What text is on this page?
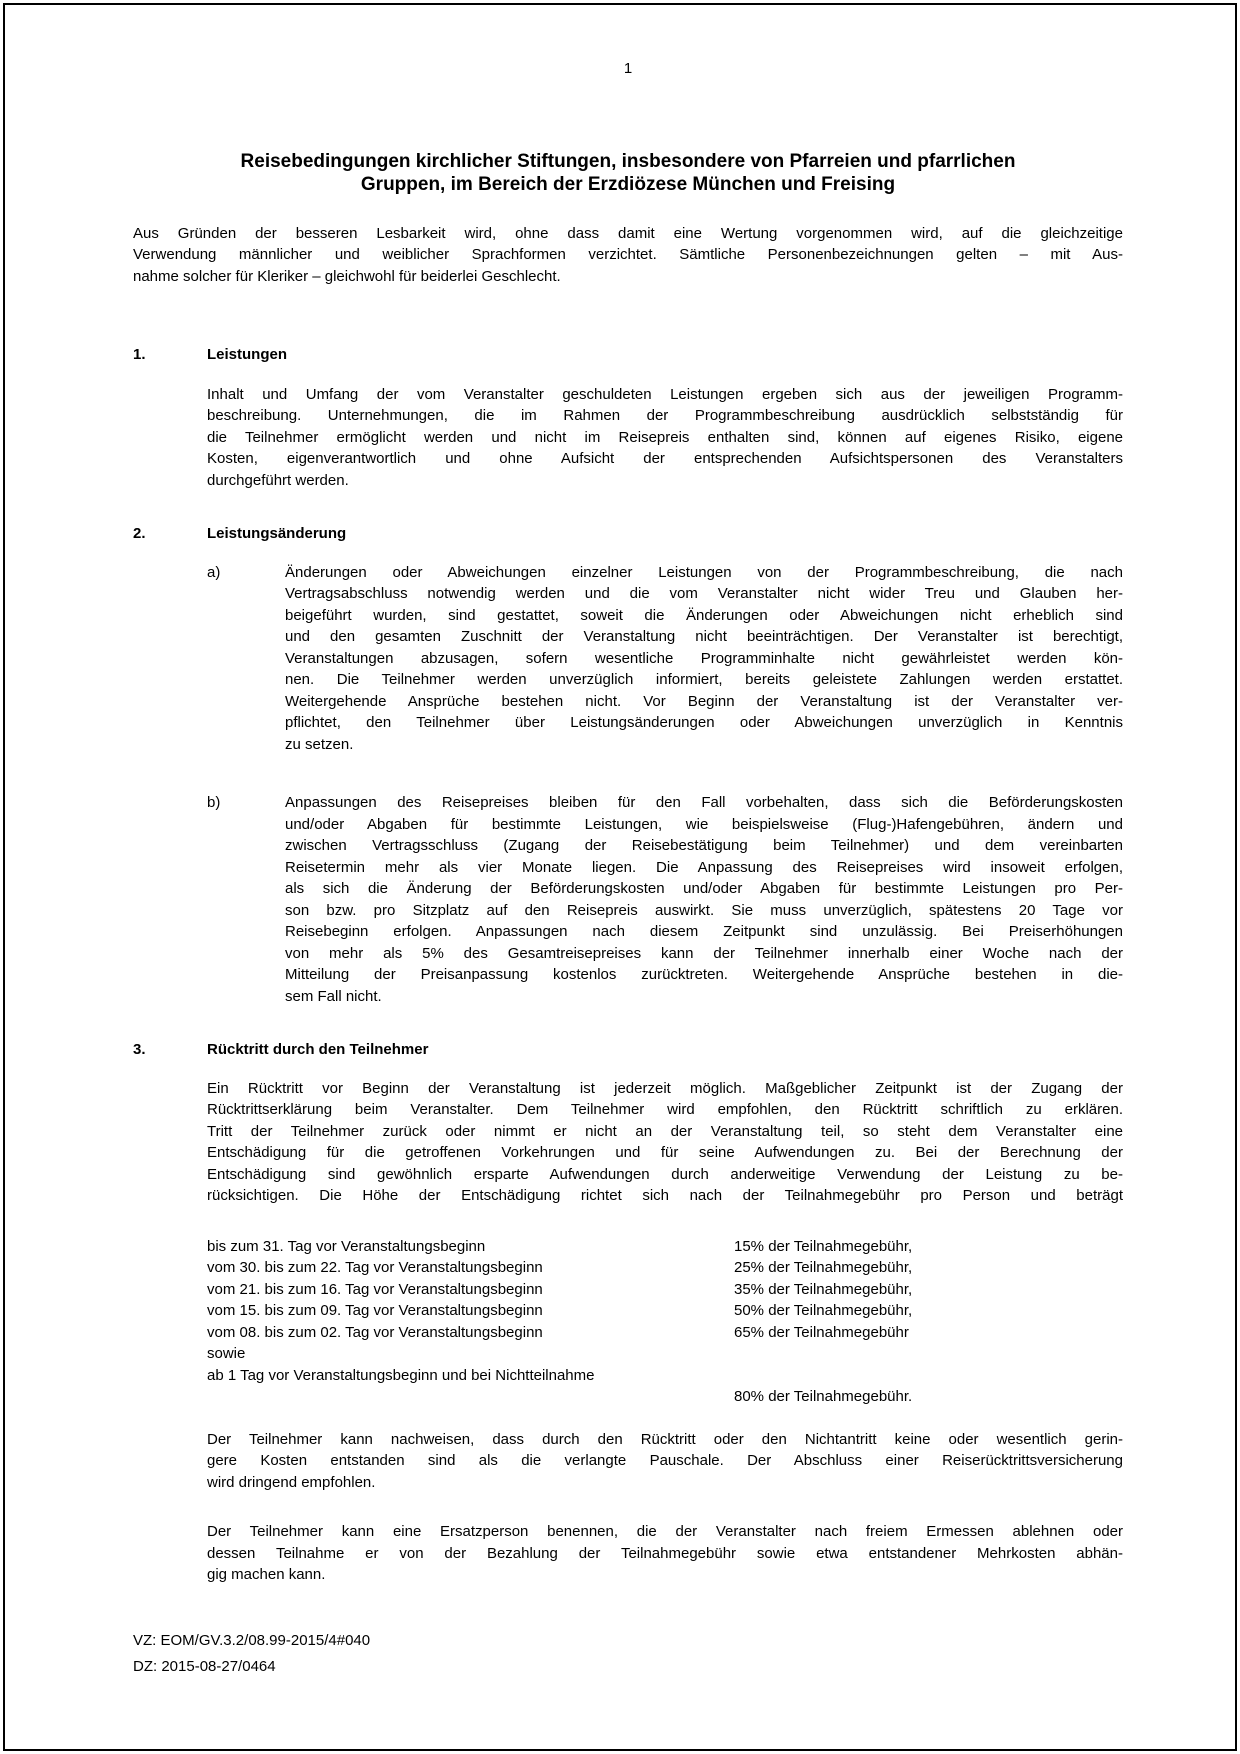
1
Reisebedingungen kirchlicher Stiftungen, insbesondere von Pfarreien und pfarrlichen
Gruppen, im Bereich der Erzdiözese München und Freising
Aus Gründen der besseren Lesbarkeit wird, ohne dass damit eine Wertung vorgenommen wird, auf die gleichzeitige
Verwendung männlicher und weiblicher Sprachformen verzichtet. Sämtliche Personenbezeichnungen gelten – mit Aus-
nahme solcher für Kleriker – gleichwohl für beiderlei Geschlecht.
1.	Leistungen
Inhalt und Umfang der vom Veranstalter geschuldeten Leistungen ergeben sich aus der jeweiligen Programm-
beschreibung. Unternehmungen, die im Rahmen der Programmbeschreibung ausdrücklich selbstständig für
die Teilnehmer ermöglicht werden und nicht im Reisepreis enthalten sind, können auf eigenes Risiko, eigene
Kosten, eigenverantwortlich und ohne Aufsicht der entsprechenden Aufsichtspersonen des Veranstalters
durchgeführt werden.
2.	Leistungsänderung
a)	Änderungen oder Abweichungen einzelner Leistungen von der Programmbeschreibung, die nach
Vertragsabschluss notwendig werden und die vom Veranstalter nicht wider Treu und Glauben her-
beigeführt wurden, sind gestattet, soweit die Änderungen oder Abweichungen nicht erheblich sind
und den gesamten Zuschnitt der Veranstaltung nicht beeinträchtigen. Der Veranstalter ist berechtigt,
Veranstaltungen abzusagen, sofern wesentliche Programminhalte nicht gewährleistet werden kön-
nen. Die Teilnehmer werden unverzüglich informiert, bereits geleistete Zahlungen werden erstattet.
Weitergehende Ansprüche bestehen nicht. Vor Beginn der Veranstaltung ist der Veranstalter ver-
pflichtet, den Teilnehmer über Leistungsänderungen oder Abweichungen unverzüglich in Kenntnis
zu setzen.
b)	Anpassungen des Reisepreises bleiben für den Fall vorbehalten, dass sich die Beförderungskosten
und/oder Abgaben für bestimmte Leistungen, wie beispielsweise (Flug-)Hafengebühren, ändern und
zwischen Vertragsschluss (Zugang der Reisebestätigung beim Teilnehmer) und dem vereinbarten
Reisetermin mehr als vier Monate liegen. Die Anpassung des Reisepreises wird insoweit erfolgen,
als sich die Änderung der Beförderungskosten und/oder Abgaben für bestimmte Leistungen pro Per-
son bzw. pro Sitzplatz auf den Reisepreis auswirkt. Sie muss unverzüglich, spätestens 20 Tage vor
Reisebeginn erfolgen. Anpassungen nach diesem Zeitpunkt sind unzulässig. Bei Preiserhöhungen
von mehr als 5% des Gesamtreisepreises kann der Teilnehmer innerhalb einer Woche nach der
Mitteilung der Preisanpassung kostenlos zurücktreten. Weitergehende Ansprüche bestehen in die-
sem Fall nicht.
3.	Rücktritt durch den Teilnehmer
Ein Rücktritt vor Beginn der Veranstaltung ist jederzeit möglich. Maßgeblicher Zeitpunkt ist der Zugang der
Rücktrittserklärung beim Veranstalter. Dem Teilnehmer wird empfohlen, den Rücktritt schriftlich zu erklären.
Tritt der Teilnehmer zurück oder nimmt er nicht an der Veranstaltung teil, so steht dem Veranstalter eine
Entschädigung für die getroffenen Vorkehrungen und für seine Aufwendungen zu. Bei der Berechnung der
Entschädigung sind gewöhnlich ersparte Aufwendungen durch anderweitige Verwendung der Leistung zu be-
rücksichtigen. Die Höhe der Entschädigung richtet sich nach der Teilnahmegebühr pro Person und beträgt
bis zum 31. Tag vor Veranstaltungsbeginn	15% der Teilnahmegebühr,
vom 30. bis zum 22. Tag vor Veranstaltungsbeginn	25% der Teilnahmegebühr,
vom 21. bis zum 16. Tag vor Veranstaltungsbeginn	35% der Teilnahmegebühr,
vom 15. bis zum 09. Tag vor Veranstaltungsbeginn	50% der Teilnahmegebühr,
vom 08. bis zum 02. Tag vor Veranstaltungsbeginn	65% der Teilnahmegebühr
sowie
ab 1 Tag vor Veranstaltungsbeginn und bei Nichtteilnahme
80% der Teilnahmegebühr.
Der Teilnehmer kann nachweisen, dass durch den Rücktritt oder den Nichtantritt keine oder wesentlich gerin-
gere Kosten entstanden sind als die verlangte Pauschale. Der Abschluss einer Reiserücktrittsversicherung
wird dringend empfohlen.
Der Teilnehmer kann eine Ersatzperson benennen, die der Veranstalter nach freiem Ermessen ablehnen oder
dessen Teilnahme er von der Bezahlung der Teilnahmegebühr sowie etwa entstandener Mehrkosten abhän-
gig machen kann.
VZ: EOM/GV.3.2/08.99-2015/4#040
DZ: 2015-08-27/0464
